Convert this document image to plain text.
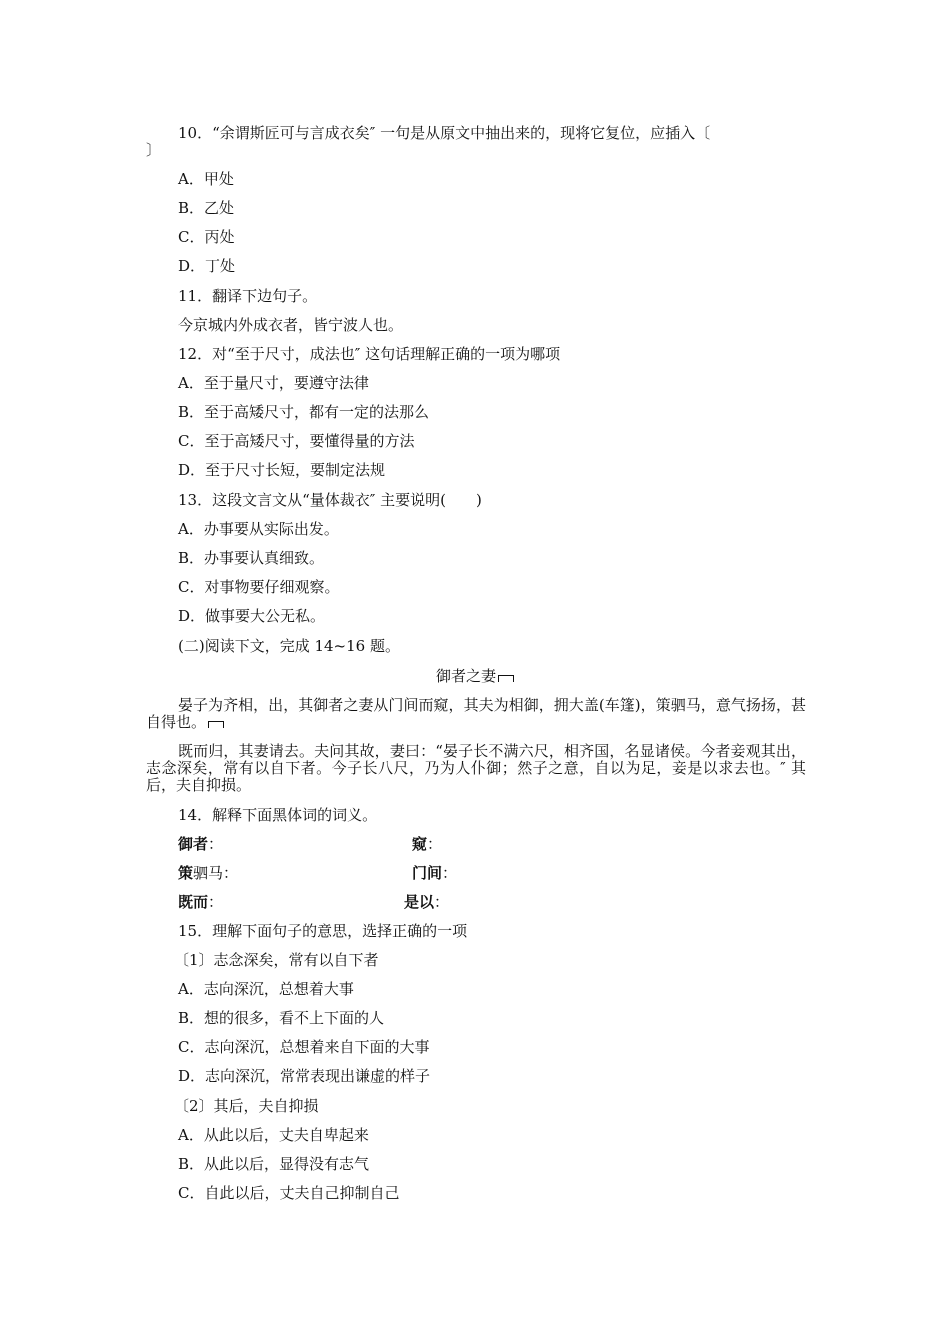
10．“余谓斯匠可与言成衣矣″ 一句是从原文中抽出来的，现将它复位，应插入〔
〕
A．甲处
B．乙处
C．丙处
D．丁处
11．翻译下边句子。
今京城内外成衣者，皆宁波人也。
12．对“至于尺寸，成法也″ 这句话理解正确的一项为哪项
A．至于量尺寸，要遵守法律
B．至于高矮尺寸，都有一定的法那么
C．至于高矮尺寸，要懂得量的方法
D．至于尺寸长短，要制定法规
13．这段文言文从“量体裁衣″ 主要说明(　　)
A．办事要从实际出发。
B．办事要认真细致。
C．对事物要仔细观察。
D．做事要大公无私。
(二)阅读下文，完成 14~16 题。
御者之妻
晏子为齐相，出，其御者之妻从门间而窥，其夫为相御，拥大盖(车篷)，策驷马，意气扬扬，甚自得也。
既而归，其妻请去。夫问其故，妻曰：“晏子长不满六尺，相齐国，名显诸侯。今者妾观其出，志念深矣，常有以自下者。今子长八尺，乃为人仆御；然子之意，自以为足，妾是以求去也。″ 其后，夫自抑损。
14．解释下面黑体词的词义。
御者：	窥：
策驷马：	门间：
既而：	是以：
15．理解下面句子的意思，选择正确的一项
〔1〕志念深矣，常有以自下者
A．志向深沉，总想着大事
B．想的很多，看不上下面的人
C．志向深沉，总想着来自下面的大事
D．志向深沉，常常表现出谦虚的样子
〔2〕其后，夫自抑损
A．从此以后，丈夫自卑起来
B．从此以后，显得没有志气
C．自此以后，丈夫自己抑制自己
